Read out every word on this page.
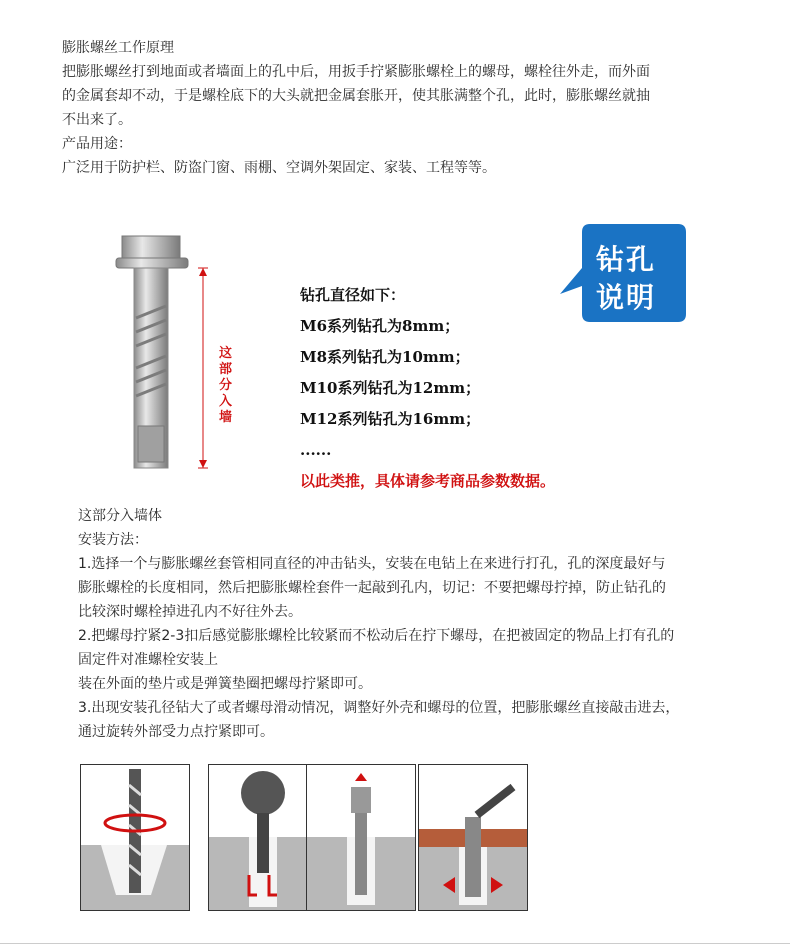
膨胀螺丝工作原理
把膨胀螺丝打到地面或者墙面上的孔中后，用扳手拧紧膨胀螺栓上的螺母，螺栓往外走，而外面
的金属套却不动，于是螺栓底下的大头就把金属套胀开，使其胀满整个孔，此时，膨胀螺丝就抽
不出来了。
产品用途：
广泛用于防护栏、防盗门窗、雨棚、空调外架固定、家装、工程等等。
这部分入墙
钻孔
说明
钻孔直径如下：
M6系列钻孔为8mm；
M8系列钻孔为10mm；
M10系列钻孔为12mm；
M12系列钻孔为16mm；
......
以此类推，具体请参考商品参数数据。
这部分入墙体
安装方法：
1.选择一个与膨胀螺丝套管相同直径的冲击钻头，安装在电钻上在来进行打孔，孔的深度最好与
膨胀螺栓的长度相同，然后把膨胀螺栓套件一起敲到孔内，切记：不要把螺母拧掉，防止钻孔的
比较深时螺栓掉进孔内不好往外去。
2.把螺母拧紧2-3扣后感觉膨胀螺栓比较紧而不松动后在拧下螺母，在把被固定的物品上打有孔的
固定件对准螺栓安装上
装在外面的垫片或是弹簧垫圈把螺母拧紧即可。
3.出现安装孔径钻大了或者螺母滑动情况，调整好外壳和螺母的位置，把膨胀螺丝直接敲击进去，
通过旋转外部受力点拧紧即可。
